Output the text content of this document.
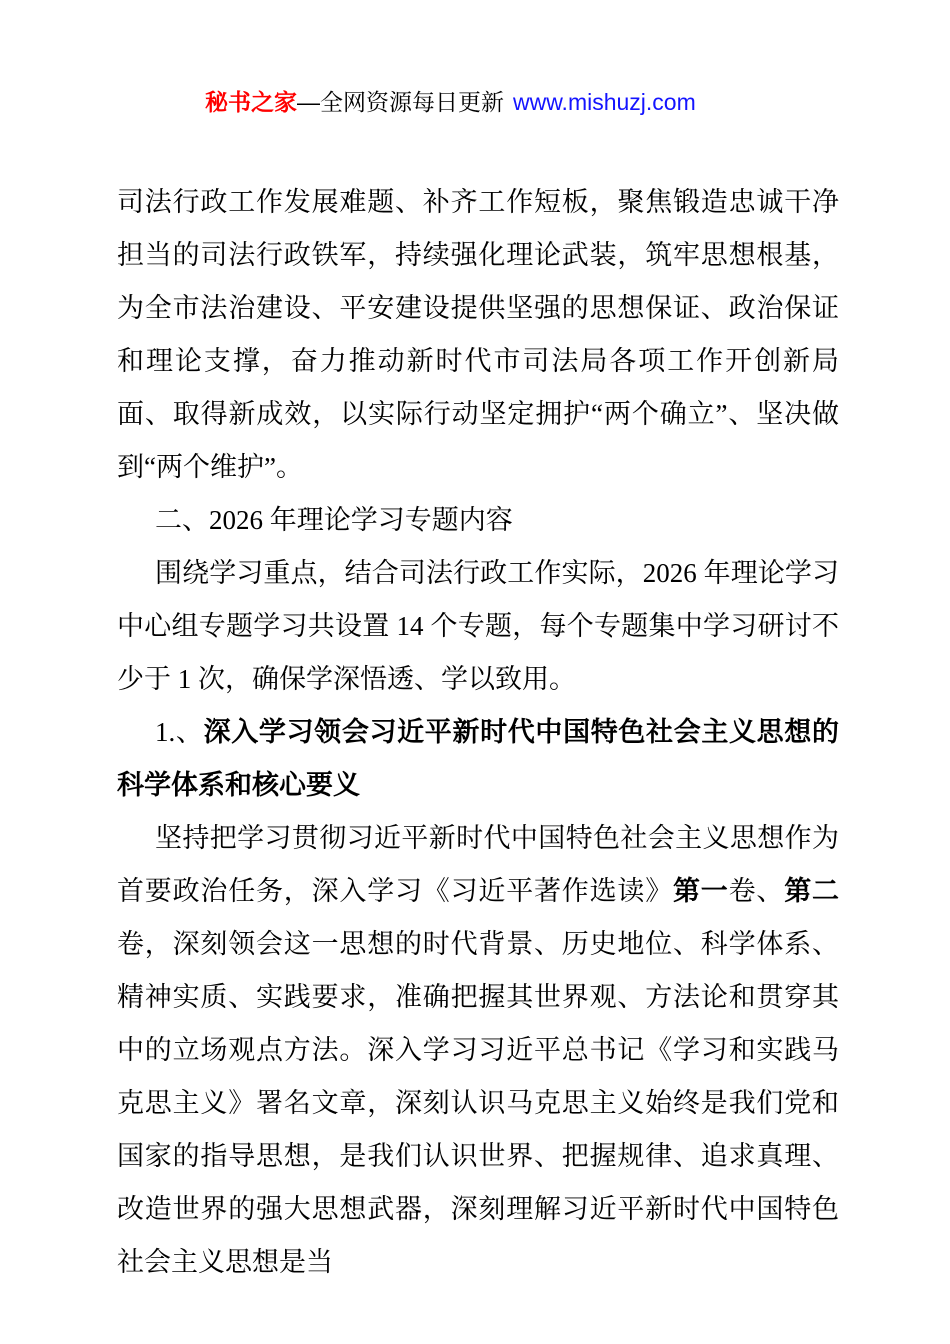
秘书之家—全网资源每日更新 www.mishuzj.com

司法行政工作发展难题、补齐工作短板，聚焦锻造忠诚干净担当的司法行政铁军，持续强化理论武装，筑牢思想根基，为全市法治建设、平安建设提供坚强的思想保证、政治保证和理论支撑，奋力推动新时代市司法局各项工作开创新局面、取得新成效，以实际行动坚定拥护“两个确立”、坚决做到“两个维护”。

二、2026 年理论学习专题内容

围绕学习重点，结合司法行政工作实际，2026 年理论学习中心组专题学习共设置 14 个专题，每个专题集中学习研讨不少于 1 次，确保学深悟透、学以致用。

1.、深入学习领会习近平新时代中国特色社会主义思想的科学体系和核心要义

坚持把学习贯彻习近平新时代中国特色社会主义思想作为首要政治任务，深入学习《习近平著作选读》第一卷、第二卷，深刻领会这一思想的时代背景、历史地位、科学体系、精神实质、实践要求，准确把握其世界观、方法论和贯穿其中的立场观点方法。深入学习习近平总书记《学习和实践马克思主义》署名文章，深刻认识马克思主义始终是我们党和国家的指导思想，是我们认识世界、把握规律、追求真理、改造世界的强大思想武器，深刻理解习近平新时代中国特色社会主义思想是当
